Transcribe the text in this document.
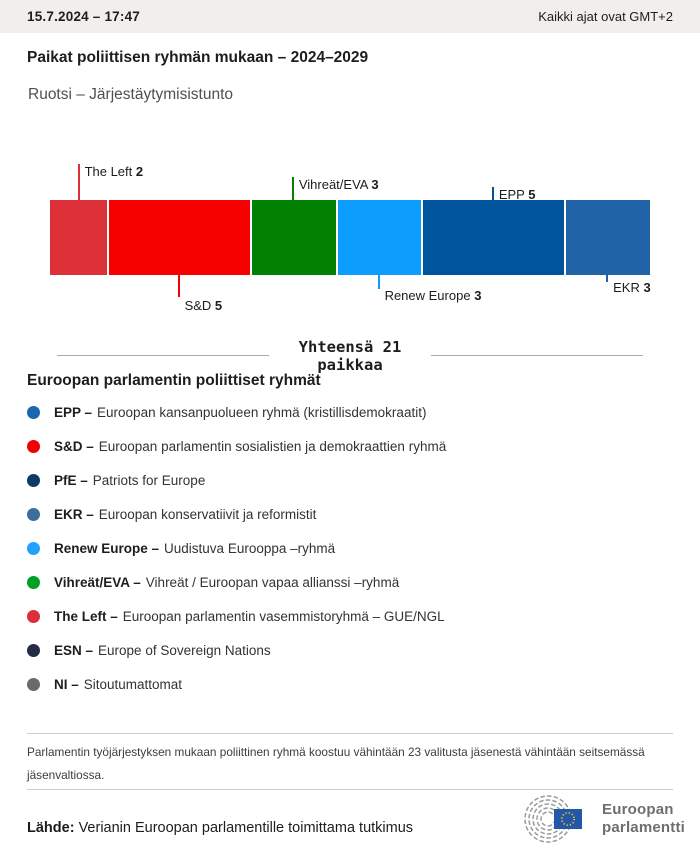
15.7.2024 – 17:47	Kaikki ajat ovat GMT+2
Paikat poliittisen ryhmän mukaan – 2024–2029
Ruotsi – Järjestäytymisistunto
The Left 2
S&D 5
Vihreät/EVA 3
Renew Europe 3
EPP 5
EKR 3
Yhteensä 21
paikkaa
Euroopan parlamentin poliittiset ryhmät
EPP – Euroopan kansanpuolueen ryhmä (kristillisdemokraatit)
S&D – Euroopan parlamentin sosialistien ja demokraattien ryhmä
PfE – Patriots for Europe
EKR – Euroopan konservatiivit ja reformistit
Renew Europe – Uudistuva Eurooppa –ryhmä
Vihreät/EVA – Vihreät / Euroopan vapaa allianssi –ryhmä
The Left – Euroopan parlamentin vasemmistoryhmä – GUE/NGL
ESN – Europe of Sovereign Nations
NI – Sitoutumattomat

Parlamentin työjärjestyksen mukaan poliittinen ryhmä koostuu vähintään 23 valitusta jäsenestä vähintään seitsemässä jäsenvaltiossa.

Lähde: Verianin Euroopan parlamentille toimittama tutkimus

Euroopan
parlamentti
